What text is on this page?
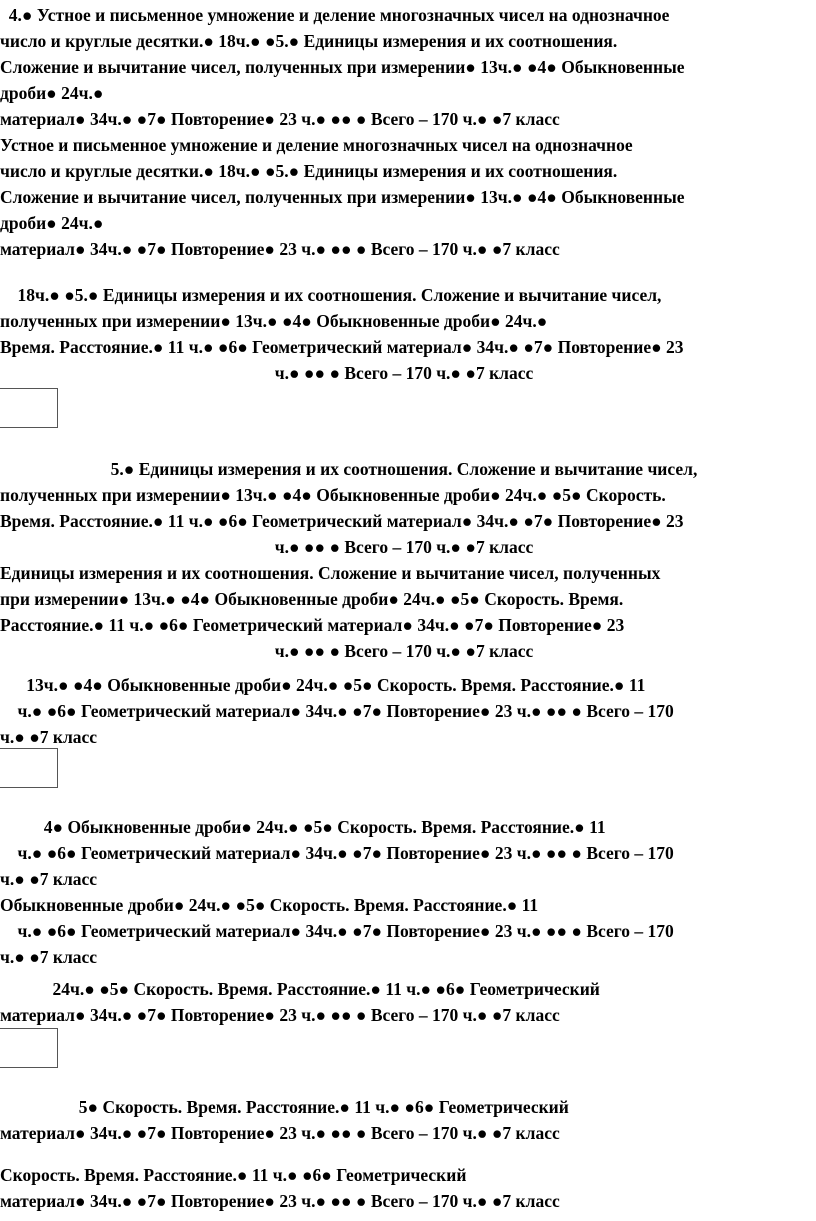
4.● Устное и письменное умножение и деление многозначных чисел на однозначное
число и круглые десятки.● 18ч.● ●5.● Единицы измерения и их соотношения.
Сложение и вычитание чисел, полученных при измерении● 13ч.● ●4● Обыкновенные
дроби● 24ч.●
материал● 34ч.● ●7● Повторение● 23 ч.● ●● ● Всего – 170 ч.● ●7 класс
Устное и письменное умножение и деление многозначных чисел на однозначное
число и круглые десятки.● 18ч.● ●5.● Единицы измерения и их соотношения.
Сложение и вычитание чисел, полученных при измерении● 13ч.● ●4● Обыкновенные
дроби● 24ч.●
материал● 34ч.● ●7● Повторение● 23 ч.● ●● ● Всего – 170 ч.● ●7 класс
18ч.● ●5.● Единицы измерения и их соотношения. Сложение и вычитание чисел,
полученных при измерении● 13ч.● ●4● Обыкновенные дроби● 24ч.●
Время. Расстояние.● 11 ч.● ●6● Геометрический материал● 34ч.● ●7● Повторение● 23
ч.● ●● ● Всего – 170 ч.● ●7 класс
5.● Единицы измерения и их соотношения. Сложение и вычитание чисел,
полученных при измерении● 13ч.● ●4● Обыкновенные дроби● 24ч.● ●5● Скорость.
Время. Расстояние.● 11 ч.● ●6● Геометрический материал● 34ч.● ●7● Повторение● 23
ч.● ●● ● Всего – 170 ч.● ●7 класс
Единицы измерения и их соотношения. Сложение и вычитание чисел, полученных
при измерении● 13ч.● ●4● Обыкновенные дроби● 24ч.● ●5● Скорость. Время.
Расстояние.● 11 ч.● ●6● Геометрический материал● 34ч.● ●7● Повторение● 23
ч.● ●● ● Всего – 170 ч.● ●7 класс
13ч.● ●4● Обыкновенные дроби● 24ч.● ●5● Скорость. Время. Расстояние.● 11
ч.● ●6● Геометрический материал● 34ч.● ●7● Повторение● 23 ч.● ●● ● Всего – 170
ч.● ●7 класс
4● Обыкновенные дроби● 24ч.● ●5● Скорость. Время. Расстояние.● 11
ч.● ●6● Геометрический материал● 34ч.● ●7● Повторение● 23 ч.● ●● ● Всего – 170
ч.● ●7 класс
Обыкновенные дроби● 24ч.● ●5● Скорость. Время. Расстояние.● 11
ч.● ●6● Геометрический материал● 34ч.● ●7● Повторение● 23 ч.● ●● ● Всего – 170
ч.● ●7 класс
24ч.● ●5● Скорость. Время. Расстояние.● 11 ч.● ●6● Геометрический
материал● 34ч.● ●7● Повторение● 23 ч.● ●● ● Всего – 170 ч.● ●7 класс
5● Скорость. Время. Расстояние.● 11 ч.● ●6● Геометрический
материал● 34ч.● ●7● Повторение● 23 ч.● ●● ● Всего – 170 ч.● ●7 класс
Скорость. Время. Расстояние.● 11 ч.● ●6● Геометрический
материал● 34ч.● ●7● Повторение● 23 ч.● ●● ● Всего – 170 ч.● ●7 класс
